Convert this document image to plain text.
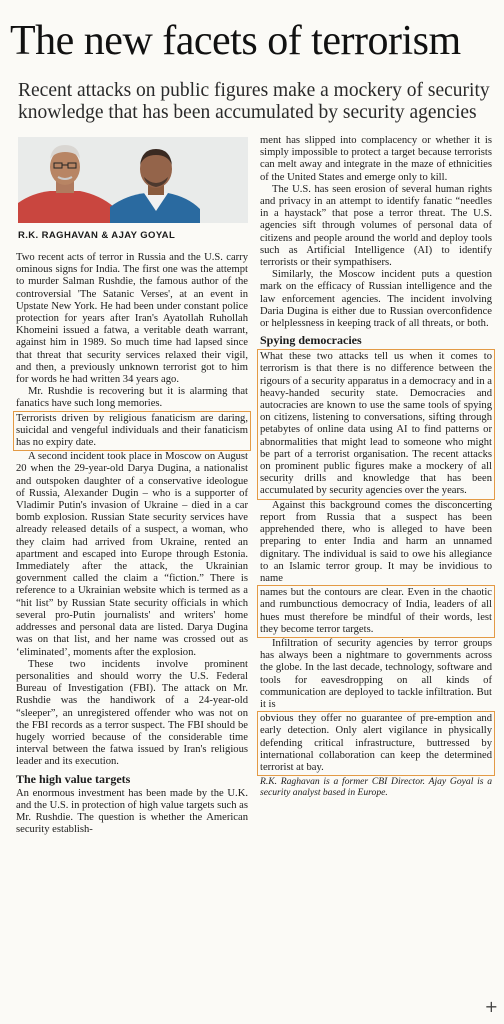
The new facets of terrorism
Recent attacks on public figures make a mockery of security knowledge that has been accumulated by security agencies
R.K. RAGHAVAN & AJAY GOYAL

Two recent acts of terror in Russia and the U.S. carry ominous signs for India. The first one was the attempt to murder Salman Rushdie, the famous author of the controversial 'The Satanic Verses', at an event in Upstate New York. He had been under constant police protection for years after Iran's Ayatollah Ruhollah Khomeini issued a fatwa, a veritable death warrant, against him in 1989. So much time had lapsed since that threat that security services relaxed their vigil, and then, a previously unknown terrorist got to him for words he had written 34 years ago.

Mr. Rushdie is recovering but it is alarming that fanatics have such long memories.

Terrorists driven by religious fanaticism are daring, suicidal and vengeful individuals and their fanaticism has no expiry date.

A second incident took place in Moscow on August 20 when the 29-year-old Darya Dugina, a nationalist and outspoken daughter of a conservative ideologue of Russia, Alexander Dugin – who is a supporter of Vladimir Putin's invasion of Ukraine – died in a car bomb explosion. Russian State security services have already released details of a suspect, a woman, who they claim had arrived from Ukraine, rented an apartment and escaped into Europe through Estonia. Immediately after the attack, the Ukrainian government called the claim a “fiction.” There is reference to a Ukrainian website which is termed as a “hit list” by Russian State security officials in which several pro-Putin journalists' and writers' home addresses and personal data are listed. Darya Dugina was on that list, and her name was crossed out as ‘eliminated’, moments after the explosion.

These two incidents involve prominent personalities and should worry the U.S. Federal Bureau of Investigation (FBI). The attack on Mr. Rushdie was the handiwork of a 24-year-old “sleeper”, an unregistered offender who was not on the FBI records as a terror suspect. The FBI should be hugely worried because of the considerable time interval between the fatwa issued by Iran's religious leader and its execution.

The high value targets

An enormous investment has been made by the U.K. and the U.S. in protection of high value targets such as Mr. Rushdie. The question is whether the American security establish-

ment has slipped into complacency or whether it is simply impossible to protect a target because terrorists can melt away and integrate in the maze of ethnicities of the United States and emerge only to kill.

The U.S. has seen erosion of several human rights and privacy in an attempt to identify fanatic “needles in a haystack” that pose a terror threat. The U.S. agencies sift through volumes of personal data of citizens and people around the world and deploy tools such as Artificial Intelligence (AI) to identify terrorists or their sympathisers.

Similarly, the Moscow incident puts a question mark on the efficacy of Russian intelligence and the law enforcement agencies. The incident involving Daria Dugina is either due to Russian overconfidence or helplessness in keeping track of all threats, or both.

Spying democracies

What these two attacks tell us when it comes to terrorism is that there is no difference between the rigours of a security apparatus in a democracy and in a heavy-handed security state. Democracies and autocracies are known to use the same tools of spying on citizens, listening to conversations, sifting through petabytes of online data using AI to find patterns or abnormalities that might lead to someone who might be part of a terrorist organisation. The recent attacks on prominent public figures make a mockery of all security drills and knowledge that has been accumulated by security agencies over the years.

Against this background comes the disconcerting report from Russia that a suspect has been apprehended there, who is alleged to have been preparing to enter India and harm an unnamed dignitary. The individual is said to owe his allegiance to an Islamic terror group. It may be invidious to name

names but the contours are clear. Even in the chaotic and rumbunctious democracy of India, leaders of all hues must therefore be mindful of their words, lest they become terror targets.

Infiltration of security agencies by terror groups has always been a nightmare to governments across the globe. In the last decade, technology, software and tools for eavesdropping on all kinds of communication are deployed to tackle infiltration. But it is

obvious they offer no guarantee of pre-emption and early detection. Only alert vigilance in physically defending critical infrastructure, buttressed by international collaboration can keep the determined terrorist at bay.

R.K. Raghavan is a former CBI Director. Ajay Goyal is a security analyst based in Europe.

+
